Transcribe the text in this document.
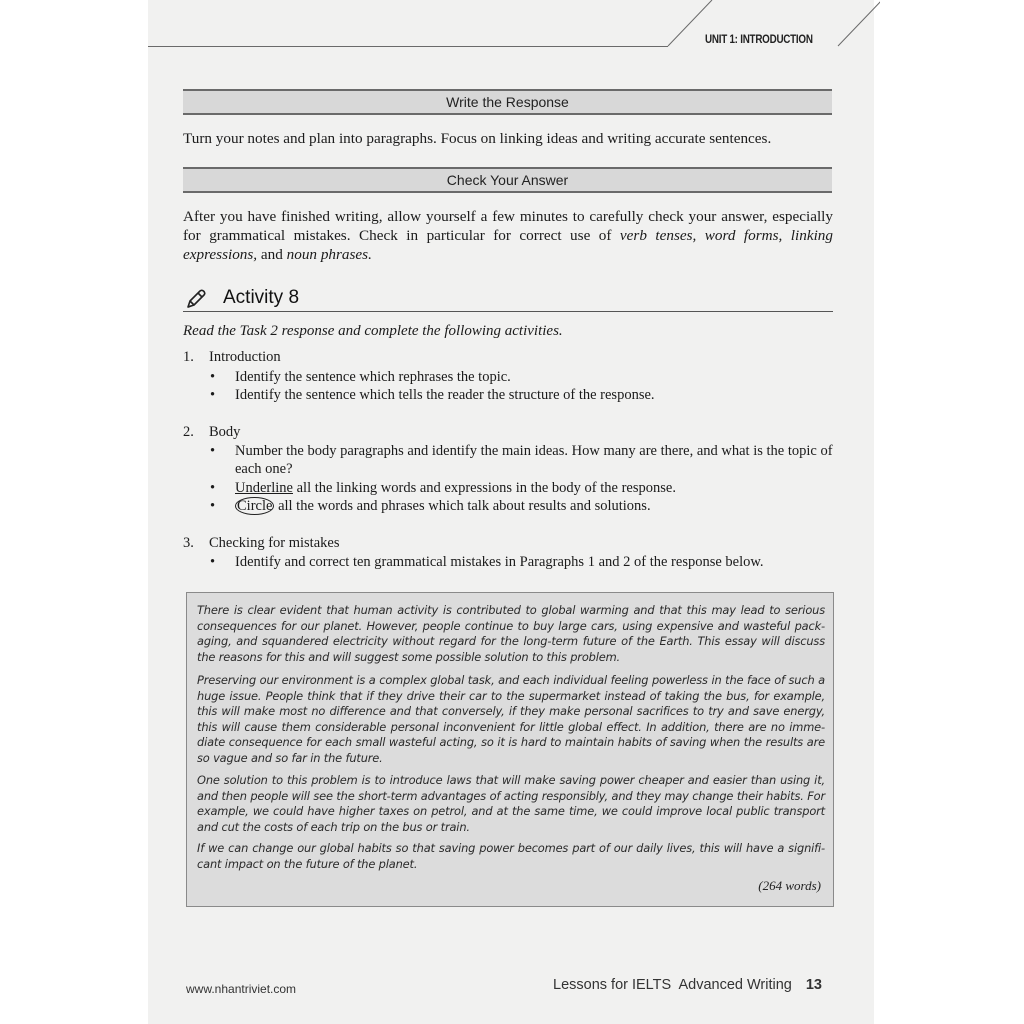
UNIT 1: INTRODUCTION
Write the Response
Turn your notes and plan into paragraphs. Focus on linking ideas and writing accurate sentences.
Check Your Answer
After you have finished writing, allow yourself a few minutes to carefully check your answer, especially for grammatical mistakes. Check in particular for correct use of verb tenses, word forms, linking expressions, and noun phrases.
Activity 8
Read the Task 2 response and complete the following activities.
1. Introduction
• Identify the sentence which rephrases the topic.
• Identify the sentence which tells the reader the structure of the response.
2. Body
• Number the body paragraphs and identify the main ideas. How many are there, and what is the topic of each one?
• Underline all the linking words and expressions in the body of the response.
• Circle all the words and phrases which talk about results and solutions.
3. Checking for mistakes
• Identify and correct ten grammatical mistakes in Paragraphs 1 and 2 of the response below.
There is clear evident that human activity is contributed to global warming and that this may lead to serious consequences for our planet. However, people continue to buy large cars, using expensive and wasteful pack-aging, and squandered electricity without regard for the long-term future of the Earth. This essay will discuss the reasons for this and will suggest some possible solution to this problem.
Preserving our environment is a complex global task, and each individual feeling powerless in the face of such a huge issue. People think that if they drive their car to the supermarket instead of taking the bus, for example, this will make most no difference and that conversely, if they make personal sacrifices to try and save energy, this will cause them considerable personal inconvenient for little global effect. In addition, there are no imme-diate consequence for each small wasteful acting, so it is hard to maintain habits of saving when the results are so vague and so far in the future.
One solution to this problem is to introduce laws that will make saving power cheaper and easier than using it, and then people will see the short-term advantages of acting responsibly, and they may change their habits. For example, we could have higher taxes on petrol, and at the same time, we could improve local public transport and cut the costs of each trip on the bus or train.
If we can change our global habits so that saving power becomes part of our daily lives, this will have a signifi-cant impact on the future of the planet.
(264 words)
www.nhantriviet.com	Lessons for IELTS  Advanced Writing 13
